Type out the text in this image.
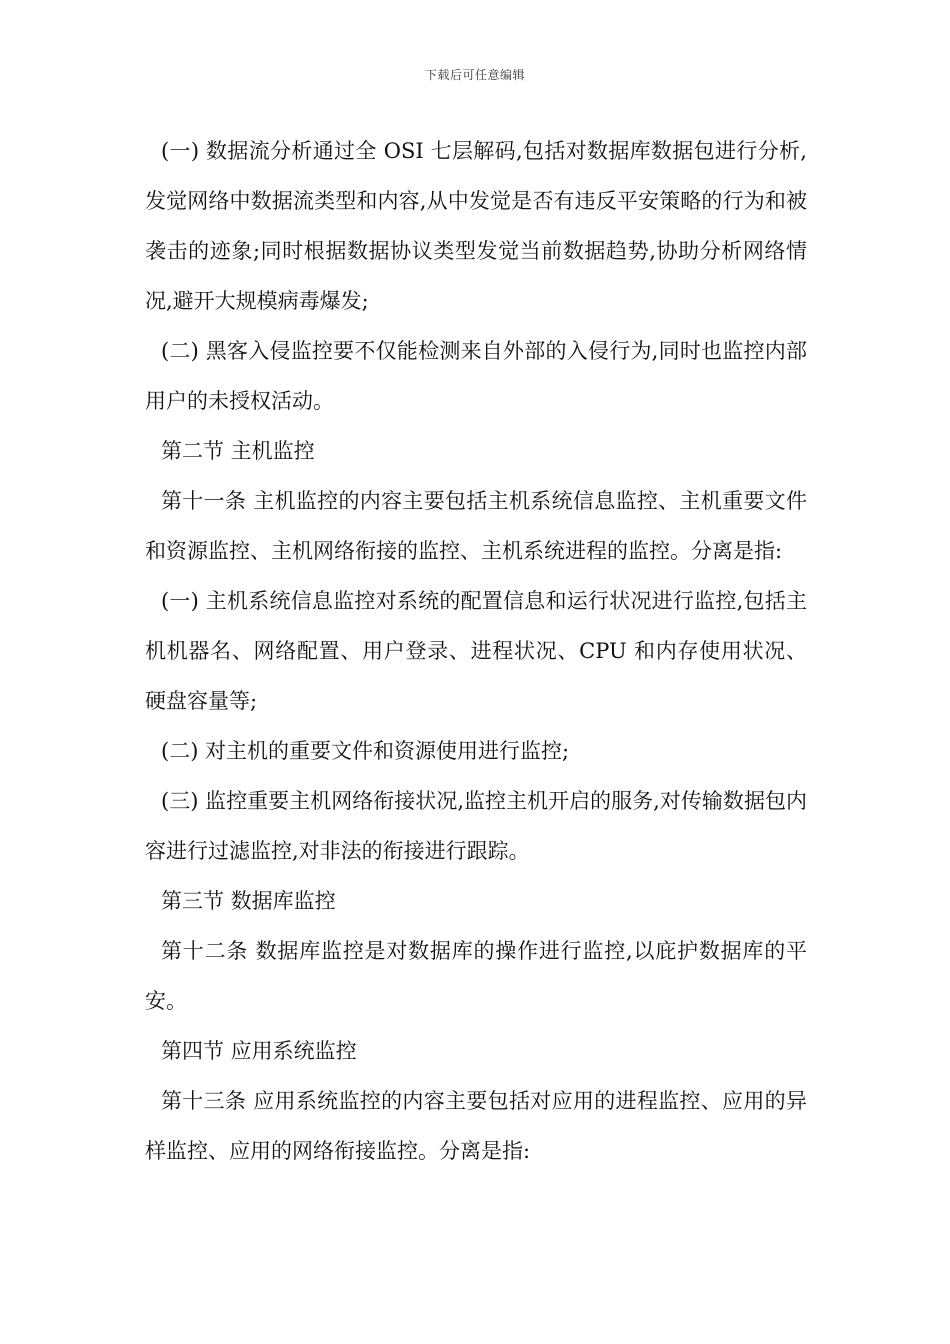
下载后可任意编辑

(一) 数据流分析通过全 OSI 七层解码,包括对数据库数据包进行分析,发觉网络中数据流类型和内容,从中发觉是否有违反平安策略的行为和被袭击的迹象;同时根据数据协议类型发觉当前数据趋势,协助分析网络情况,避开大规模病毒爆发;

(二) 黑客入侵监控要不仅能检测来自外部的入侵行为,同时也监控内部用户的未授权活动。

第二节 主机监控

第十一条 主机监控的内容主要包括主机系统信息监控、主机重要文件和资源监控、主机网络衔接的监控、主机系统进程的监控。分离是指:

(一) 主机系统信息监控对系统的配置信息和运行状况进行监控,包括主机机器名、网络配置、用户登录、进程状况、CPU 和内存使用状况、硬盘容量等;

(二) 对主机的重要文件和资源使用进行监控;

(三) 监控重要主机网络衔接状况,监控主机开启的服务,对传输数据包内容进行过滤监控,对非法的衔接进行跟踪。

第三节 数据库监控

第十二条 数据库监控是对数据库的操作进行监控,以庇护数据库的平安。

第四节 应用系统监控

第十三条 应用系统监控的内容主要包括对应用的进程监控、应用的异样监控、应用的网络衔接监控。分离是指:
